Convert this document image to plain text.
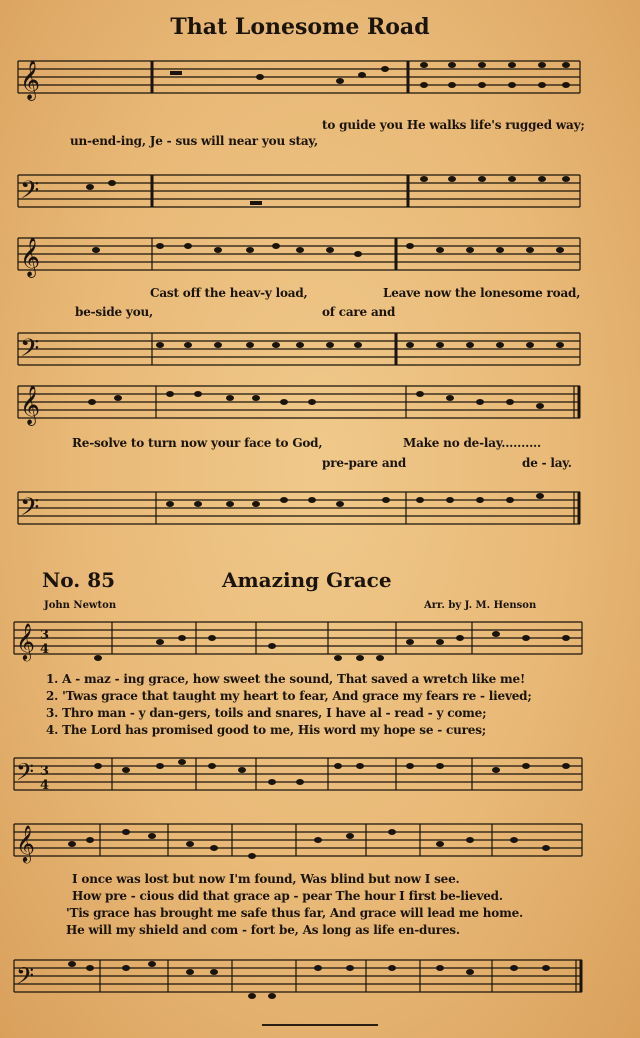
That Lonesome Road
𝄞
to guide you He walks life's rugged way;
un-end-ing, Je - sus will near you stay,
𝄢
𝄞
Cast off the heav-y load,	Leave now the lonesome road,
be-side you,	of care and
𝄢
𝄞
Re-solve to turn now your face to God,	Make no de-lay..........
pre-pare and	de - lay.
𝄢
No. 85	Amazing Grace
John Newton	Arr. by J. M. Henson
𝄞 3
4
1. A - maz - ing grace, how sweet the sound, That saved a wretch like me!
2. 'Twas grace that taught my heart to fear, And grace my fears re - lieved;
3. Thro man - y dan-gers, toils and snares, I have al - read - y come;
4. The Lord has promised good to me, His word my hope se - cures;
𝄢 3
4
𝄞
I once was lost but now I'm found, Was blind but now I see.
How pre - cious did that grace ap - pear The hour I first be-lieved.
'Tis grace has brought me safe thus far, And grace will lead me home.
He will my shield and com - fort be, As long as life en-dures.
𝄢
